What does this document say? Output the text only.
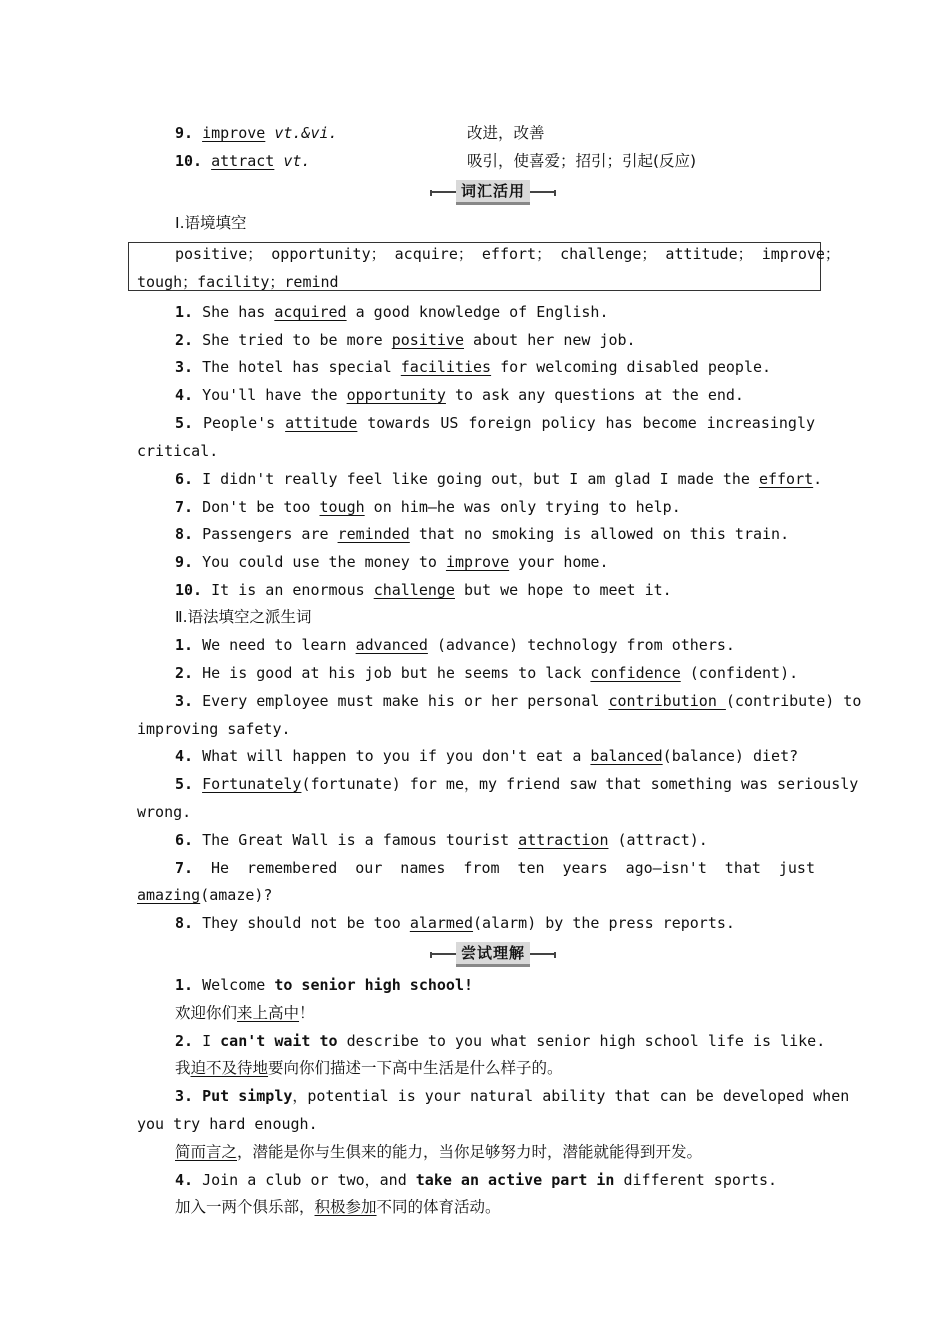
9. improve vt.&vi.	改进，改善
10. attract vt.	吸引，使喜爱；招引；引起(反应)
词汇活用
Ⅰ.语境填空
positive； opportunity； acquire； effort； challenge； attitude； improve；
tough；facility；remind
1. She has acquired a good knowledge of English.
2. She tried to be more positive about her new job.
3. The hotel has special facilities for welcoming disabled people.
4. You'll have the opportunity to ask any questions at the end.
5. People's attitude towards US foreign policy has become increasingly
critical.
6. I didn't really feel like going out，but I am glad I made the effort.
7. Don't be too tough on him—he was only trying to help.
8. Passengers are reminded that no smoking is allowed on this train.
9. You could use the money to improve your home.
10. It is an enormous challenge but we hope to meet it.
Ⅱ.语法填空之派生词
1. We need to learn advanced (advance) technology from others.
2. He is good at his job but he seems to lack confidence (confident).
3. Every employee must make his or her personal contribution (contribute) to
improving safety.
4. What will happen to you if you don't eat a balanced(balance) diet?
5. Fortunately(fortunate) for me，my friend saw that something was seriously
wrong.
6. The Great Wall is a famous tourist attraction (attract).
7. He remembered our names from ten years ago—isn't that just
amazing(amaze)?
8. They should not be too alarmed(alarm) by the press reports.
尝试理解
1. Welcome to senior high school!
欢迎你们来上高中！
2. I can't wait to describe to you what senior high school life is like.
我迫不及待地要向你们描述一下高中生活是什么样子的。
3. Put simply，potential is your natural ability that can be developed when
you try hard enough.
简而言之，潜能是你与生俱来的能力，当你足够努力时，潜能就能得到开发。
4. Join a club or two，and take an active part in different sports.
加入一两个俱乐部，积极参加不同的体育活动。
